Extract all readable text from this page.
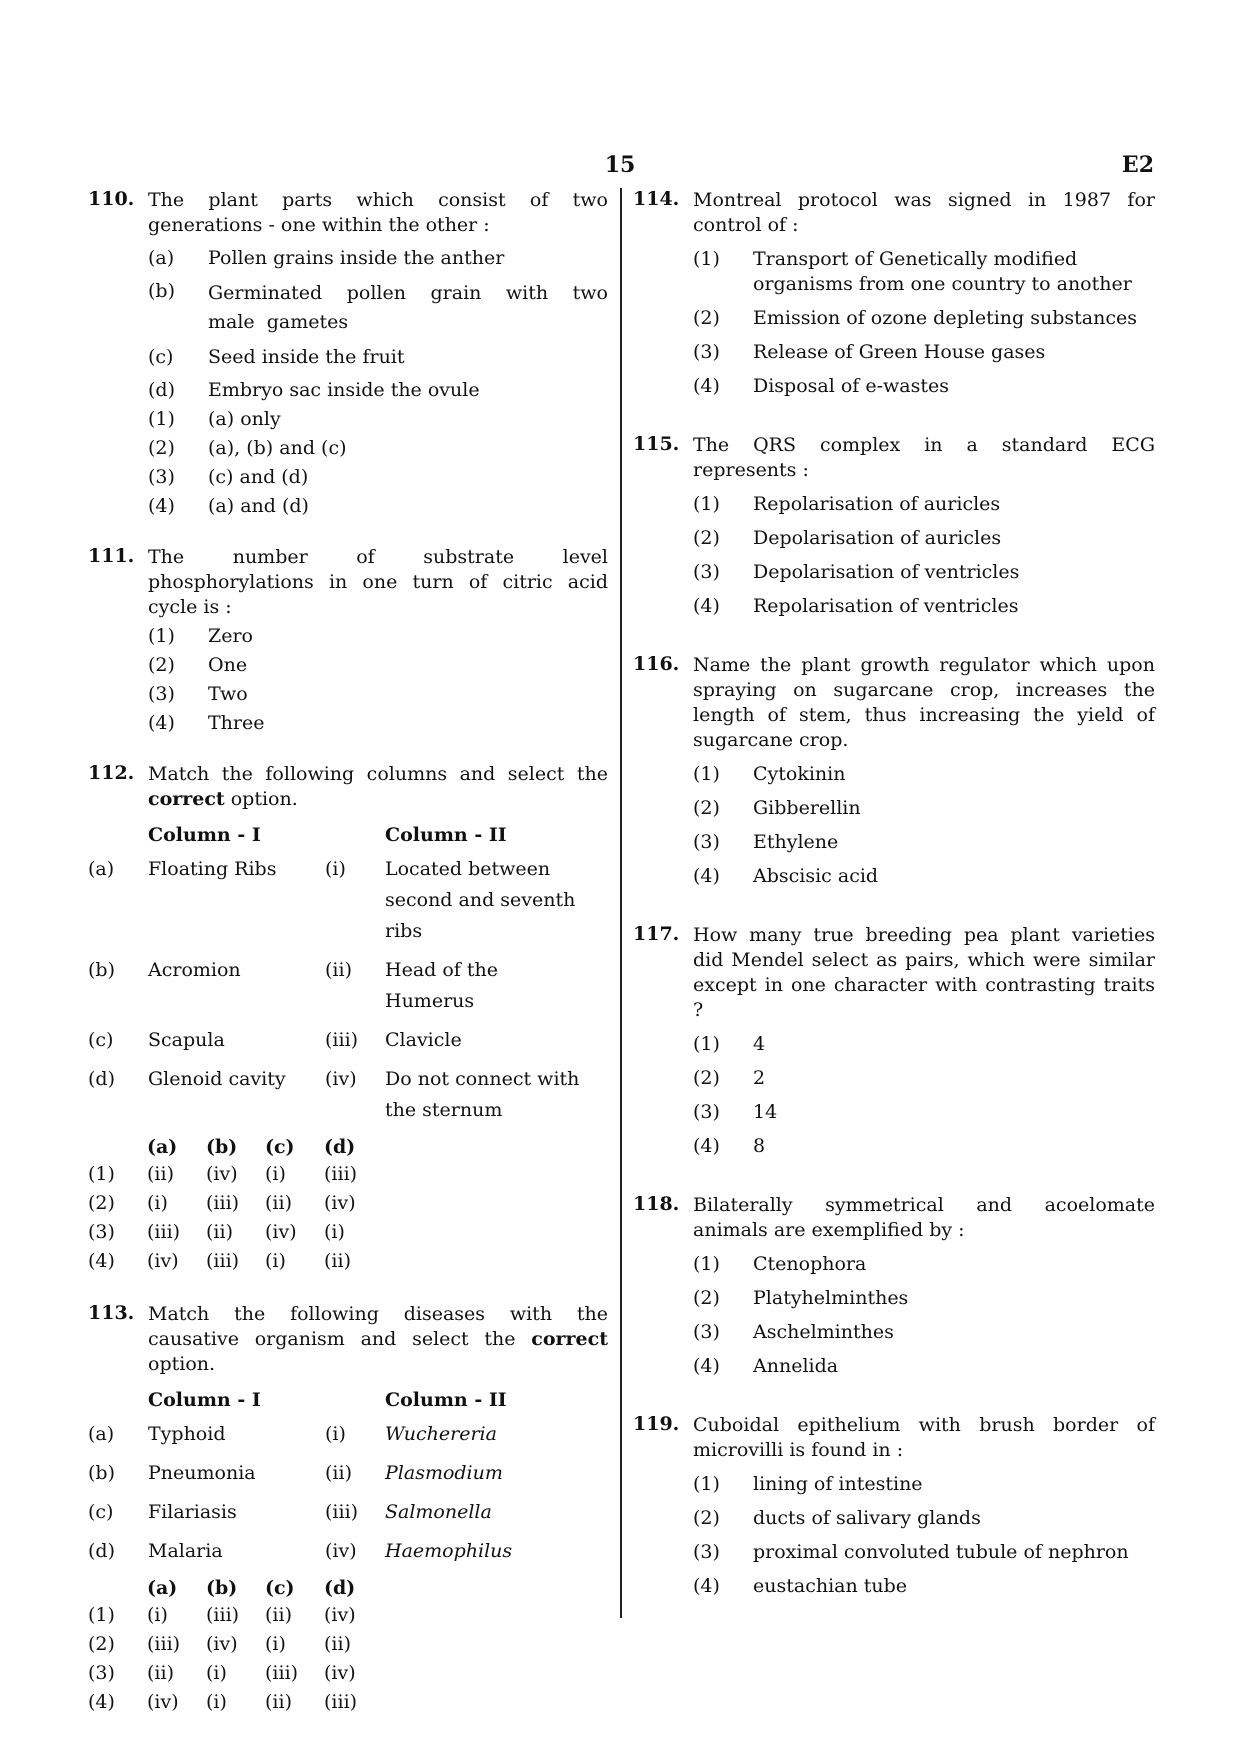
15	E2
110. The plant parts which consist of two generations - one within the other :
(a) Pollen grains inside the anther
(b) Germinated pollen grain with two male gametes
(c) Seed inside the fruit
(d) Embryo sac inside the ovule
(1) (a) only
(2) (a), (b) and (c)
(3) (c) and (d)
(4) (a) and (d)
111. The number of substrate level phosphorylations in one turn of citric acid cycle is :
(1) Zero
(2) One
(3) Two
(4) Three
112. Match the following columns and select the correct option.
	Column - I		Column - II
(a)	Floating Ribs	(i)	Located between second and seventh ribs
(b)	Acromion	(ii)	Head of the Humerus
(c)	Scapula	(iii)	Clavicle
(d)	Glenoid cavity	(iv)	Do not connect with the sternum
	(a)	(b)	(c)	(d)
(1)	(ii)	(iv)	(i)	(iii)
(2)	(i)	(iii)	(ii)	(iv)
(3)	(iii)	(ii)	(iv)	(i)
(4)	(iv)	(iii)	(i)	(ii)
113. Match the following diseases with the causative organism and select the correct option.
	Column - I		Column - II
(a)	Typhoid	(i)	Wuchereria
(b)	Pneumonia	(ii)	Plasmodium
(c)	Filariasis	(iii)	Salmonella
(d)	Malaria	(iv)	Haemophilus
	(a)	(b)	(c)	(d)
(1)	(i)	(iii)	(ii)	(iv)
(2)	(iii)	(iv)	(i)	(ii)
(3)	(ii)	(i)	(iii)	(iv)
(4)	(iv)	(i)	(ii)	(iii)
114. Montreal protocol was signed in 1987 for control of :
(1) Transport of Genetically modified organisms from one country to another
(2) Emission of ozone depleting substances
(3) Release of Green House gases
(4) Disposal of e-wastes
115. The QRS complex in a standard ECG represents :
(1) Repolarisation of auricles
(2) Depolarisation of auricles
(3) Depolarisation of ventricles
(4) Repolarisation of ventricles
116. Name the plant growth regulator which upon spraying on sugarcane crop, increases the length of stem, thus increasing the yield of sugarcane crop.
(1) Cytokinin
(2) Gibberellin
(3) Ethylene
(4) Abscisic acid
117. How many true breeding pea plant varieties did Mendel select as pairs, which were similar except in one character with contrasting traits ?
(1) 4
(2) 2
(3) 14
(4) 8
118. Bilaterally symmetrical and acoelomate animals are exemplified by :
(1) Ctenophora
(2) Platyhelminthes
(3) Aschelminthes
(4) Annelida
119. Cuboidal epithelium with brush border of microvilli is found in :
(1) lining of intestine
(2) ducts of salivary glands
(3) proximal convoluted tubule of nephron
(4) eustachian tube
